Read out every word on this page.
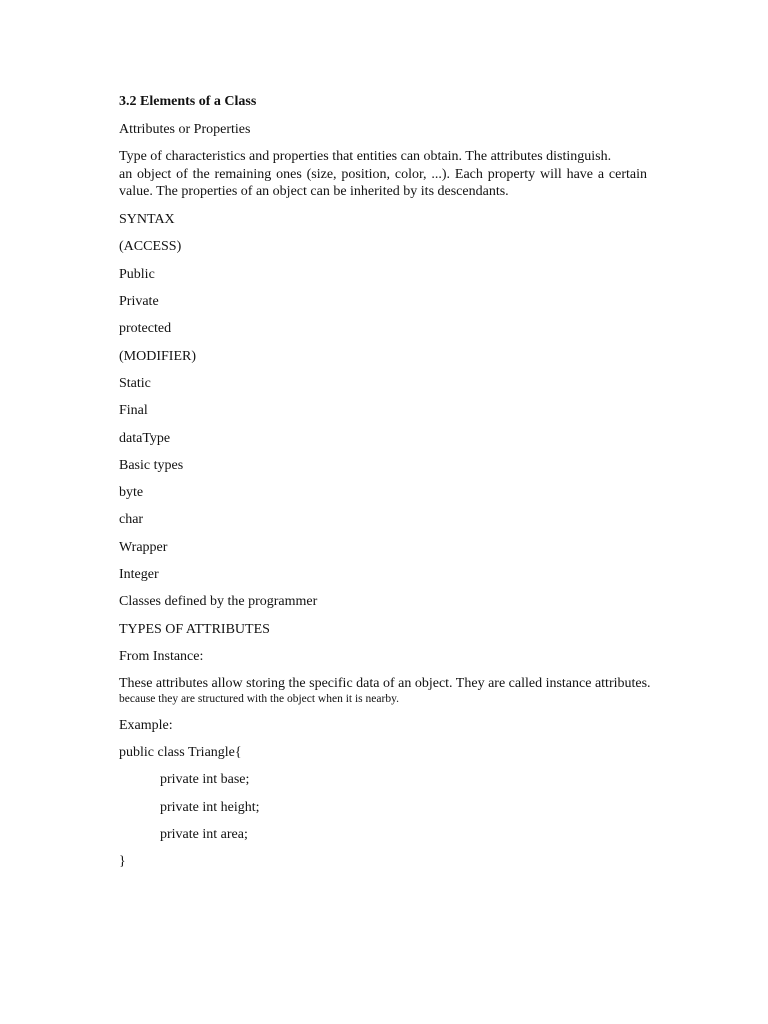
3.2 Elements of a Class
Attributes or Properties
Type of characteristics and properties that entities can obtain. The attributes distinguish.
an object of the remaining ones (size, position, color, ...). Each property will have a certain
value. The properties of an object can be inherited by its descendants.
SYNTAX
(ACCESS)
Public
Private
protected
(MODIFIER)
Static
Final
dataType
Basic types
byte
char
Wrapper
Integer
Classes defined by the programmer
TYPES OF ATTRIBUTES
From Instance:
These attributes allow storing the specific data of an object. They are called instance attributes.
because they are structured with the object when it is nearby.
Example:
public class Triangle{
private int base;
private int height;
private int area;
}
